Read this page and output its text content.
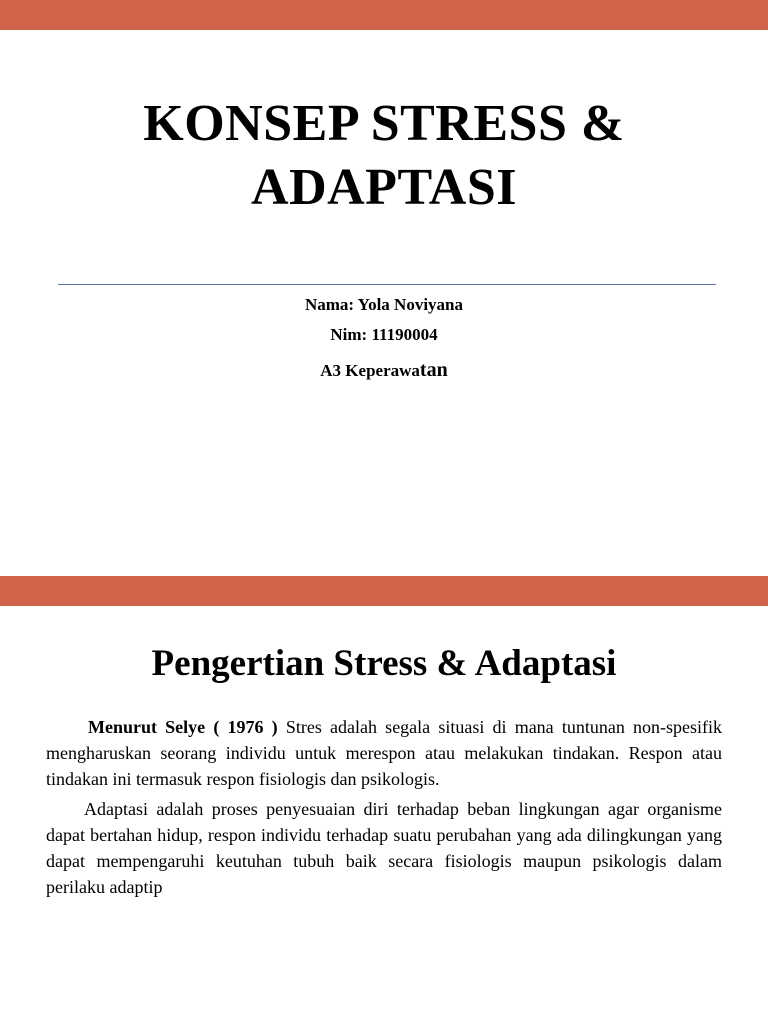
KONSEP STRESS &
ADAPTASI
Nama: Yola Noviyana
Nim: 11190004
A3 Keperawatan
Pengertian Stress & Adaptasi

Menurut Selye ( 1976 ) Stres adalah segala situasi di mana tuntunan non-spesifik mengharuskan seorang individu untuk merespon atau melakukan tindakan. Respon atau tindakan ini termasuk respon fisiologis dan psikologis.

Adaptasi adalah proses penyesuaian diri terhadap beban lingkungan agar organisme dapat bertahan hidup, respon individu terhadap suatu perubahan yang ada dilingkungan yang dapat mempengaruhi keutuhan tubuh baik secara fisiologis maupun psikologis dalam perilaku adaptip
